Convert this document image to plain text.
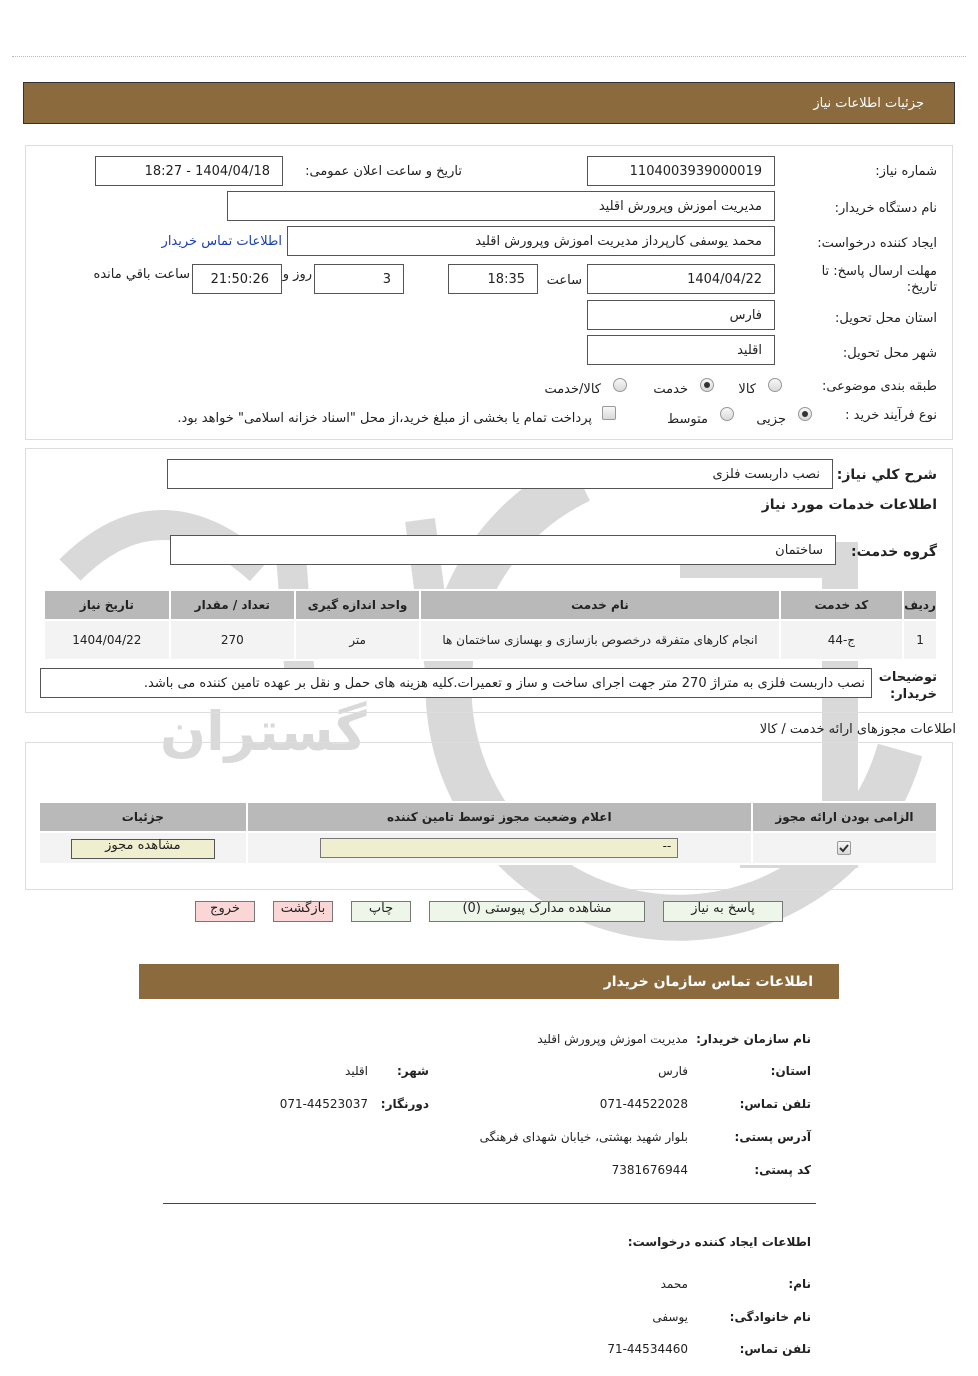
گستران
جزئیات اطلاعات نیاز
شماره نیاز:
1104003939000019
تاریخ و ساعت اعلان عمومی:
1404/04/18 - 18:27
نام دستگاه خریدار:
مدیریت اموزش وپرورش اقلید
ایجاد کننده درخواست:
محمد یوسفی کارپرداز مدیریت اموزش وپرورش اقلید
اطلاعات تماس خریدار
مهلت ارسال پاسخ: تا تاریخ:
1404/04/22
ساعت
18:35
3
روز و
21:50:26
ساعت باقي مانده
استان محل تحویل:
فارس
شهر محل تحویل:
اقلید
طبقه بندی موضوعی:
کالا
خدمت
کالا/خدمت
نوع فرآیند خرید :
جزیی
متوسط
پرداخت تمام یا بخشی از مبلغ خرید،از محل "اسناد خزانه اسلامی" خواهد بود.
شرح كلي نياز:
نصب داربست فلزی
اطلاعات خدمات مورد نیاز
گروه خدمت:
ساختمان
ردیف	کد خدمت	نام خدمت	واحد اندازه گیری	تعداد / مقدار	تاریخ نیاز
1	ج-44	انجام کارهای متفرقه درخصوص بازسازی و بهسازی ساختمان ها	متر	270	1404/04/22
توضیحات خریدار:
نصب داربست فلزی به متراژ 270 متر جهت اجرای ساخت و ساز و تعمیرات.کلیه هزینه های حمل و نقل بر عهده تامین کننده می باشد.
اطلاعات مجوزهای ارائه خدمت / کالا
الزامی بودن ارائه مجوز	اعلام وضعیت مجوز توسط تامین کننده	جزئیات

	--	مشاهده مجوز
پاسخ به نیاز
مشاهده مدارک پیوستی (0)
چاپ
بازگشت
خروج
اطلاعات تماس سازمان خریدار
نام سازمان خریدار:
مدیریت اموزش وپرورش اقلید
استان:
فارس
شهر:
اقلید
تلفن تماس:
071-44522028
دورنگار:
071-44523037
آدرس پستی:
بلوار شهید بهشتی، خیابان شهدای فرهنگی
کد پستی:
7381676944
اطلاعات ایجاد کننده درخواست:
نام:
محمد
نام خانوادگی:
یوسفی
تلفن تماس:
71-44534460
